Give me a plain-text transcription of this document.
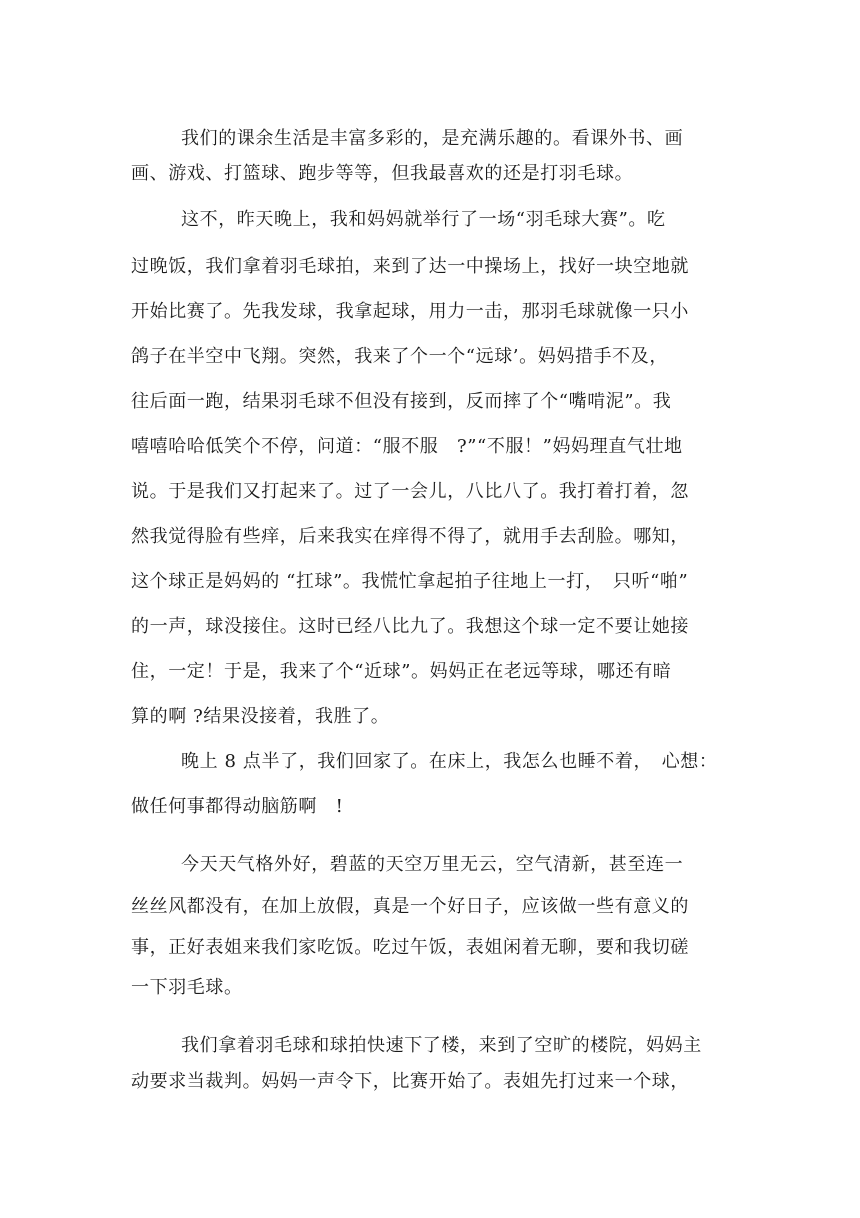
我们的课余生活是丰富多彩的，是充满乐趣的。看课外书、画
画、游戏、打篮球、跑步等等，但我最喜欢的还是打羽毛球。
这不，昨天晚上，我和妈妈就举行了一场“羽毛球大赛”。吃
过晚饭，我们拿着羽毛球拍，来到了达一中操场上，找好一块空地就
开始比赛了。先我发球，我拿起球，用力一击，那羽毛球就像一只小
鸽子在半空中飞翔。突然，我来了个一个“远球’。妈妈措手不及，
往后面一跑，结果羽毛球不但没有接到，反而摔了个“嘴啃泥”。我
嘻嘻哈哈低笑个不停，问道：“服不服　?”“不服！”妈妈理直气壮地
说。于是我们又打起来了。过了一会儿，八比八了。我打着打着，忽
然我觉得脸有些痒，后来我实在痒得不得了，就用手去刮脸。哪知，
这个球正是妈妈的 “扛球”。我慌忙拿起拍子往地上一打，　只听“啪”
的一声，球没接住。这时已经八比九了。我想这个球一定不要让她接
住，一定！于是，我来了个“近球”。妈妈正在老远等球，哪还有暗
算的啊 ?结果没接着，我胜了。
晚上 8 点半了，我们回家了。在床上，我怎么也睡不着，　心想：
做任何事都得动脑筋啊　!
今天天气格外好，碧蓝的天空万里无云，空气清新，甚至连一
丝丝风都没有，在加上放假，真是一个好日子，应该做一些有意义的
事，正好表姐来我们家吃饭。吃过午饭，表姐闲着无聊，要和我切磋
一下羽毛球。
我们拿着羽毛球和球拍快速下了楼，来到了空旷的楼院，妈妈主
动要求当裁判。妈妈一声令下，比赛开始了。表姐先打过来一个球，
